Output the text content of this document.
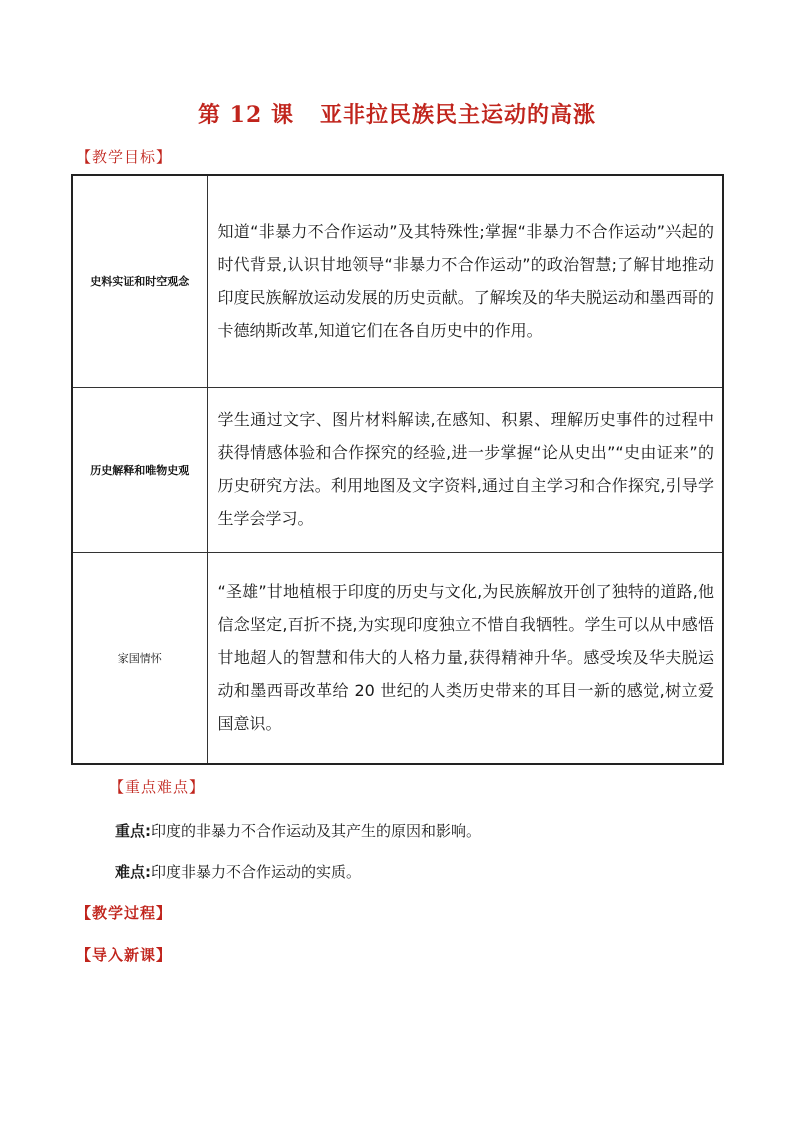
第 12 课 亚非拉民族民主运动的高涨
【教学目标】
史料实证和时空观念	知道“非暴力不合作运动”及其特殊性;掌握“非暴力不合作运动”兴起的时代背景,认识甘地领导“非暴力不合作运动”的政治智慧;了解甘地推动印度民族解放运动发展的历史贡献。了解埃及的华夫脱运动和墨西哥的卡德纳斯改革,知道它们在各自历史中的作用。
历史解释和唯物史观	学生通过文字、图片材料解读,在感知、积累、理解历史事件的过程中获得情感体验和合作探究的经验,进一步掌握“论从史出”“史由证来”的历史研究方法。利用地图及文字资料,通过自主学习和合作探究,引导学生学会学习。
家国情怀	“圣雄”甘地植根于印度的历史与文化,为民族解放开创了独特的道路,他信念坚定,百折不挠,为实现印度独立不惜自我牺牲。学生可以从中感悟甘地超人的智慧和伟大的人格力量,获得精神升华。感受埃及华夫脱运动和墨西哥改革给 20 世纪的人类历史带来的耳目一新的感觉,树立爱国意识。
【重点难点】
重点:印度的非暴力不合作运动及其产生的原因和影响。
难点:印度非暴力不合作运动的实质。
【教学过程】
【导入新课】
